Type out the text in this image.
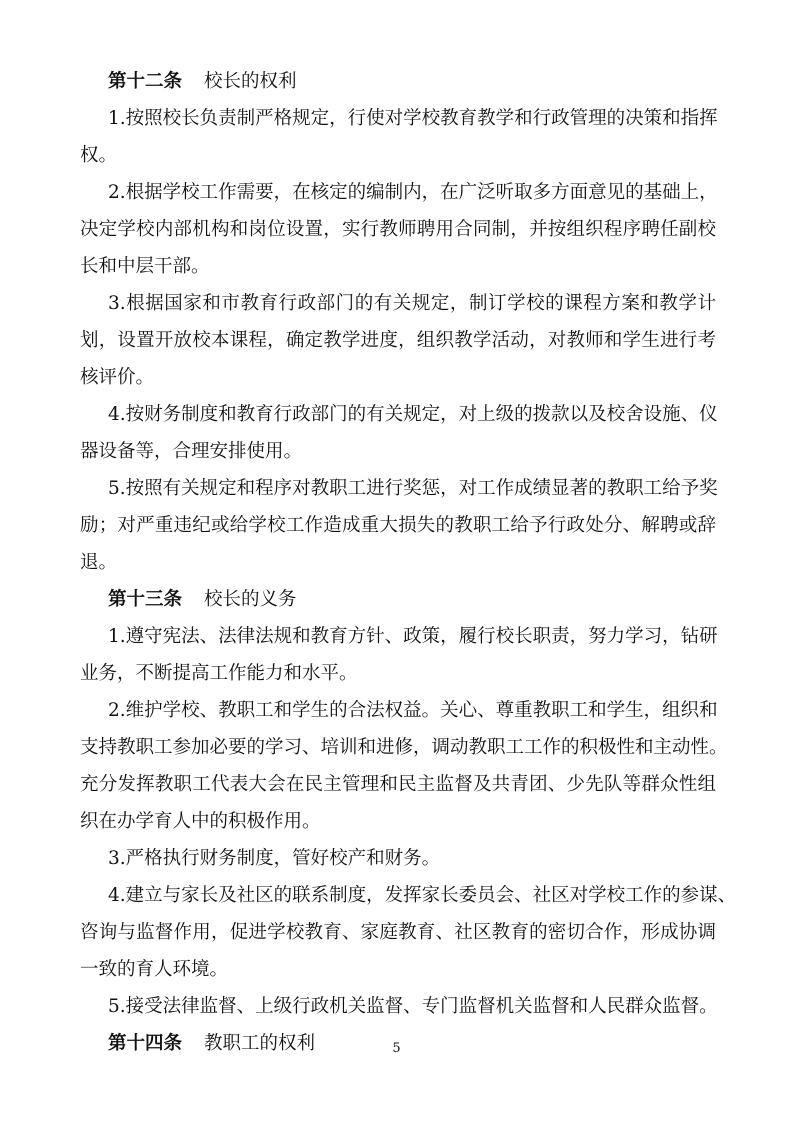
第十二条 校长的权利
1.按照校长负责制严格规定，行使对学校教育教学和行政管理的决策和指挥
权。
2.根据学校工作需要，在核定的编制内，在广泛听取多方面意见的基础上，
决定学校内部机构和岗位设置，实行教师聘用合同制，并按组织程序聘任副校
长和中层干部。
3.根据国家和市教育行政部门的有关规定，制订学校的课程方案和教学计
划，设置开放校本课程，确定教学进度，组织教学活动，对教师和学生进行考
核评价。
4.按财务制度和教育行政部门的有关规定，对上级的拨款以及校舍设施、仪
器设备等，合理安排使用。
5.按照有关规定和程序对教职工进行奖惩，对工作成绩显著的教职工给予奖
励；对严重违纪或给学校工作造成重大损失的教职工给予行政处分、解聘或辞
退。
第十三条 校长的义务
1.遵守宪法、法律法规和教育方针、政策，履行校长职责，努力学习，钻研
业务，不断提高工作能力和水平。
2.维护学校、教职工和学生的合法权益。关心、尊重教职工和学生，组织和
支持教职工参加必要的学习、培训和进修，调动教职工工作的积极性和主动性。
充分发挥教职工代表大会在民主管理和民主监督及共青团、少先队等群众性组
织在办学育人中的积极作用。
3.严格执行财务制度，管好校产和财务。
4.建立与家长及社区的联系制度，发挥家长委员会、社区对学校工作的参谋、
咨询与监督作用，促进学校教育、家庭教育、社区教育的密切合作，形成协调
一致的育人环境。
5.接受法律监督、上级行政机关监督、专门监督机关监督和人民群众监督。
第十四条 教职工的权利	5
